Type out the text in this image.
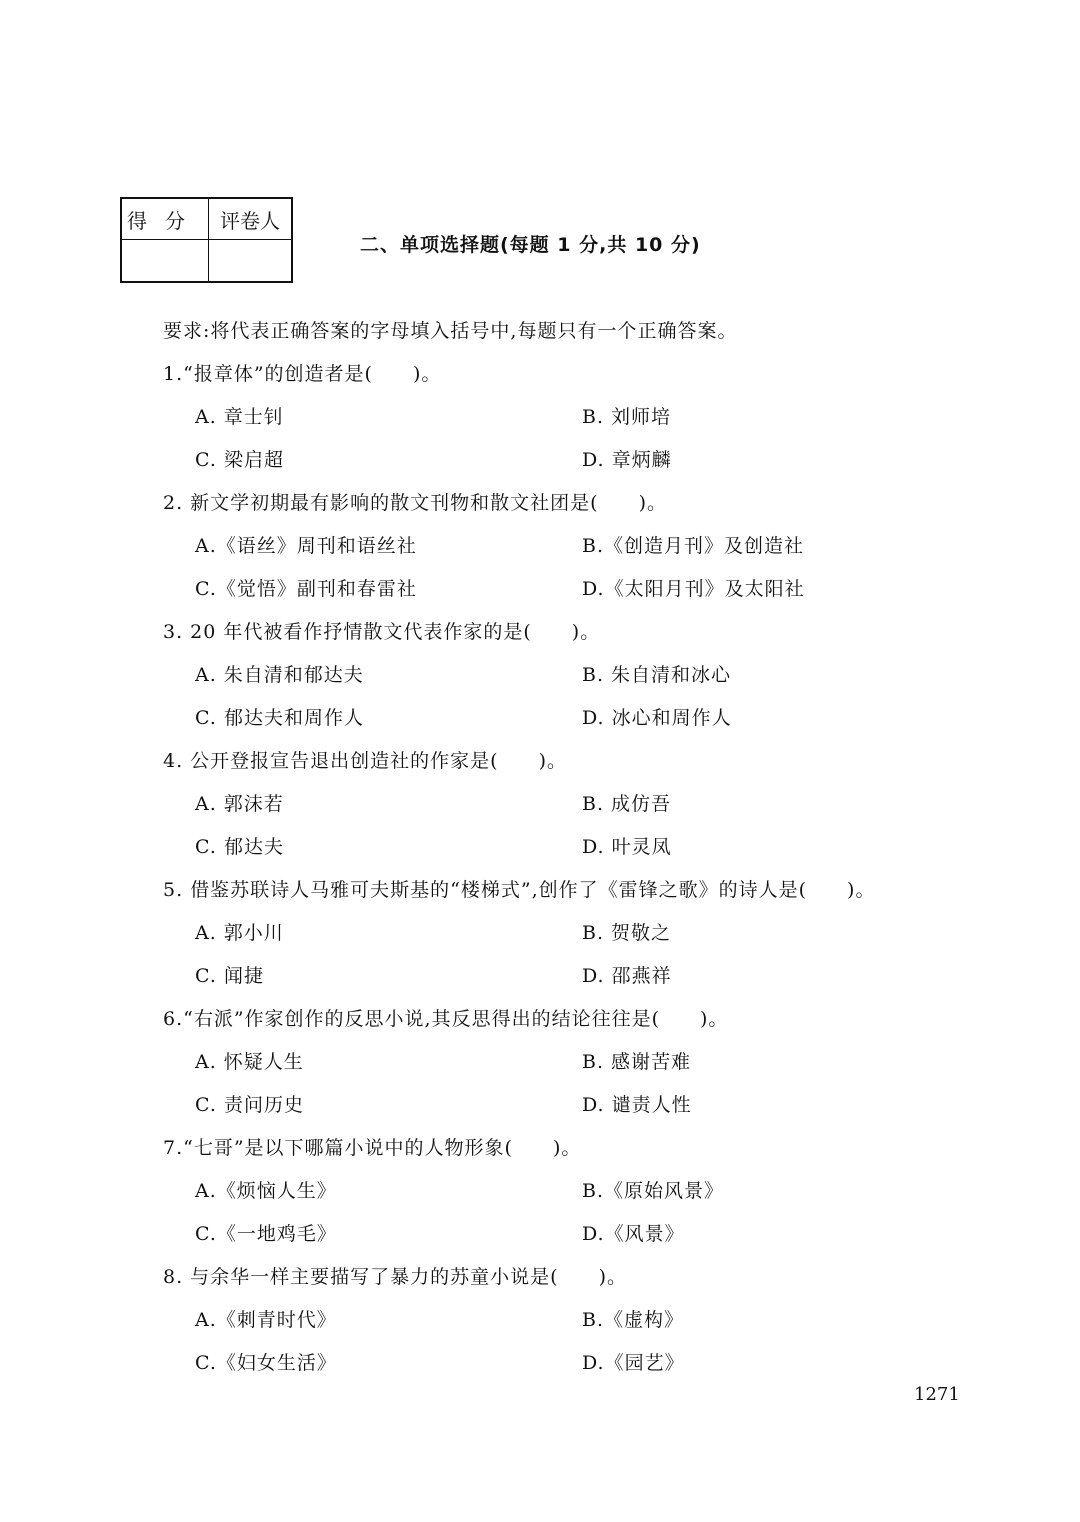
得分	评卷人

二、单项选择题(每题 1 分,共 10 分)
要求:将代表正确答案的字母填入括号中,每题只有一个正确答案。
1.“报章体”的创造者是(　　)。
A. 章士钊	B. 刘师培
C. 梁启超	D. 章炳麟
2. 新文学初期最有影响的散文刊物和散文社团是(　　)。
A.《语丝》周刊和语丝社	B.《创造月刊》及创造社
C.《觉悟》副刊和春雷社	D.《太阳月刊》及太阳社
3. 20 年代被看作抒情散文代表作家的是(　　)。
A. 朱自清和郁达夫	B. 朱自清和冰心
C. 郁达夫和周作人	D. 冰心和周作人
4. 公开登报宣告退出创造社的作家是(　　)。
A. 郭沫若	B. 成仿吾
C. 郁达夫	D. 叶灵凤
5. 借鉴苏联诗人马雅可夫斯基的“楼梯式”,创作了《雷锋之歌》的诗人是(　　)。
A. 郭小川	B. 贺敬之
C. 闻捷	D. 邵燕祥
6.“右派”作家创作的反思小说,其反思得出的结论往往是(　　)。
A. 怀疑人生	B. 感谢苦难
C. 责问历史	D. 谴责人性
7.“七哥”是以下哪篇小说中的人物形象(　　)。
A.《烦恼人生》	B.《原始风景》
C.《一地鸡毛》	D.《风景》
8. 与余华一样主要描写了暴力的苏童小说是(　　)。
A.《刺青时代》	B.《虚构》
C.《妇女生活》	D.《园艺》
1271
